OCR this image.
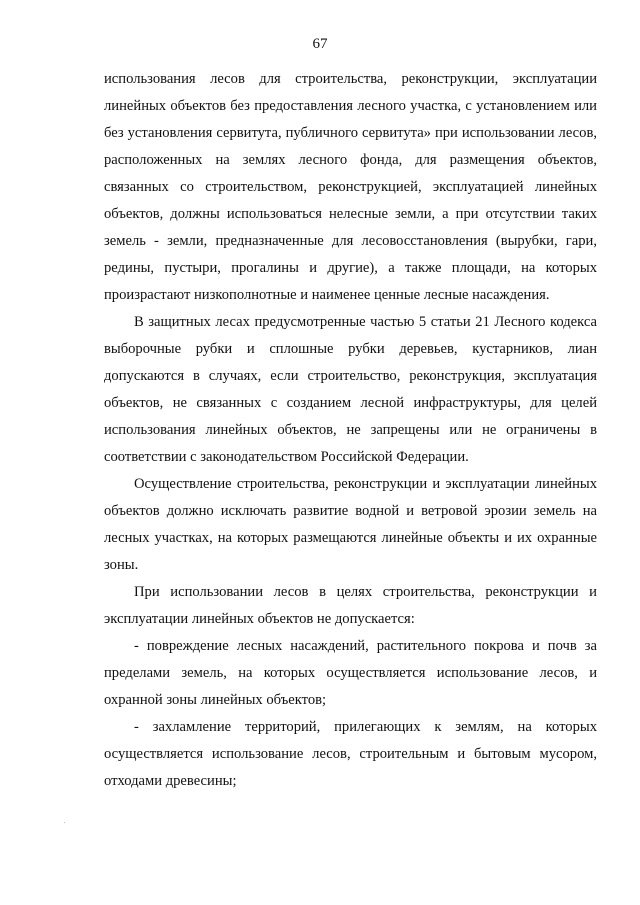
67

использования лесов для строительства, реконструкции, эксплуатации линейных объектов без предоставления лесного участка, с установлением или без установления сервитута, публичного сервитута» при использовании лесов, расположенных на землях лесного фонда, для размещения объектов, связанных со строительством, реконструкцией, эксплуатацией линейных объектов, должны использоваться нелесные земли, а при отсутствии таких земель - земли, предназначенные для лесовосстановления (вырубки, гари, редины, пустыри, прогалины и другие), а также площади, на которых произрастают низкополнотные и наименее ценные лесные насаждения.

В защитных лесах предусмотренные частью 5 статьи 21 Лесного кодекса выборочные рубки и сплошные рубки деревьев, кустарников, лиан допускаются в случаях, если строительство, реконструкция, эксплуатация объектов, не связанных с созданием лесной инфраструктуры, для целей использования линейных объектов, не запрещены или не ограничены в соответствии с законодательством Российской Федерации.

Осуществление строительства, реконструкции и эксплуатации линейных объектов должно исключать развитие водной и ветровой эрозии земель на лесных участках, на которых размещаются линейные объекты и их охранные зоны.

При использовании лесов в целях строительства, реконструкции и эксплуатации линейных объектов не допускается:

- повреждение лесных насаждений, растительного покрова и почв за пределами земель, на которых осуществляется использование лесов, и охранной зоны линейных объектов;

- захламление территорий, прилегающих к землям, на которых осуществляется использование лесов, строительным и бытовым мусором, отходами древесины;
